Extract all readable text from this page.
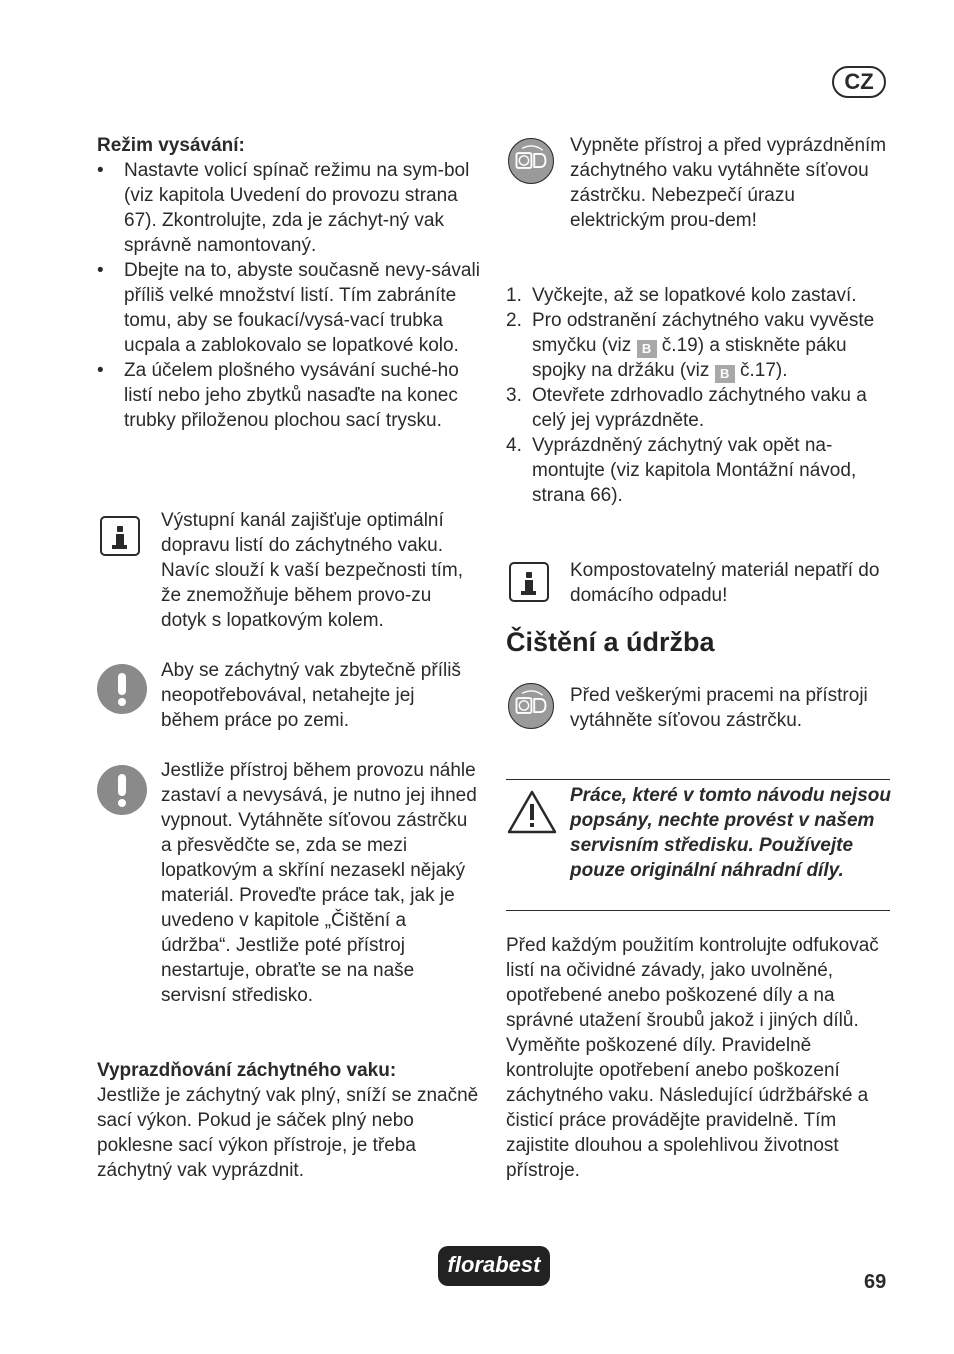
CZ
Režim vysávání:
• Nastavte volicí spínač režimu na sym-bol (viz kapitola Uvedení do provozu strana 67). Zkontrolujte, zda je záchyt-ný vak správně namontovaný.
• Dbejte na to, abyste současně nevy-sávali příliš velké množství listí. Tím zabráníte tomu, aby se foukací/vysá-vací trubka ucpala a zablokovalo se lopatkové kolo.
• Za účelem plošného vysávání suché-ho listí nebo jeho zbytků nasaďte na konec trubky přiloženou plochou sací trysku.

Výstupní kanál zajišťuje optimální dopravu listí do záchytného vaku. Navíc slouží k vaší bezpečnosti tím, že znemožňuje během provo-zu dotyk s lopatkovým kolem.

Aby se záchytný vak zbytečně příliš neopotřebovával, netahejte jej během práce po zemi.

Jestliže přístroj během provozu náhle zastaví a nevysává, je nutno jej ihned vypnout. Vytáhněte síťovou zástrčku a přesvědčte se, zda se mezi lopatkovým a skříní nezasekl nějaký materiál. Proveďte práce tak, jak je uvedeno v kapitole „Čištění a údržba“. Jestliže poté přístroj nestartuje, obraťte se na naše servisní středisko.

Vyprazdňování záchytného vaku:

Jestliže je záchytný vak plný, sníží se značně sací výkon. Pokud je sáček plný nebo poklesne sací výkon přístroje, je třeba záchytný vak vyprázdnit.

Vypněte přístroj a před vyprázdněním záchytného vaku vytáhněte síťovou zástrčku. Nebezpečí úrazu elektrickým prou-dem!

1. Vyčkejte, až se lopatkové kolo zastaví.
2. Pro odstranění záchytného vaku vyvěste smyčku (viz B č.19) a stiskněte páku spojky na držáku (viz B č.17).
3. Otevřete zdrhovadlo záchytného vaku a celý jej vyprázdněte.
4. Vyprázdněný záchytný vak opět na-montujte (viz kapitola Montážní návod, strana 66).

Kompostovatelný materiál nepatří do domácího odpadu!

Čištění a údržba

Před veškerými pracemi na přístroji vytáhněte síťovou zástrčku.

Práce, které v tomto návodu nejsou popsány, nechte provést v našem servisním středisku. Používejte pouze originální náhradní díly.

Před každým použitím kontrolujte odfukovač listí na očividné závady, jako uvolněné, opotřebené anebo poškozené díly a na správné utažení šroubů jakož i jiných dílů. Vyměňte poškozené díly. Pravidelně kontrolujte opotřebení anebo poškození záchytného vaku. Následující údržbářské a čisticí práce provádějte pravidelně. Tím zajistite dlouhou a spolehlivou životnost přístroje.

florabest
69
